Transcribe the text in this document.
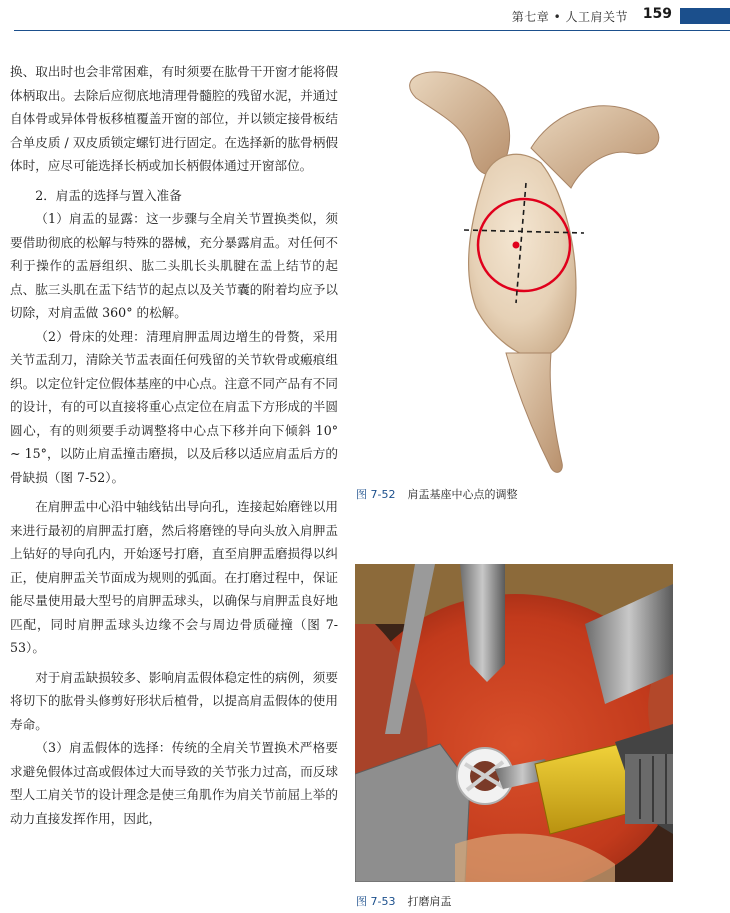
第七章 • 人工肩关节 159

换、取出时也会非常困难，有时须要在肱骨干开窗才能将假体柄取出。去除后应彻底地清理骨髓腔的残留水泥，并通过自体骨或异体骨板移植覆盖开窗的部位，并以锁定接骨板结合单皮质 / 双皮质锁定螺钉进行固定。在选择新的肱骨柄假体时，应尽可能选择长柄或加长柄假体通过开窗部位。

2．肩盂的选择与置入准备

（1）肩盂的显露：这一步骤与全肩关节置换类似，须要借助彻底的松解与特殊的器械，充分暴露肩盂。对任何不利于操作的盂唇组织、肱二头肌长头肌腱在盂上结节的起点、肱三头肌在盂下结节的起点以及关节囊的附着均应予以切除，对肩盂做 360° 的松解。

（2）骨床的处理：清理肩胛盂周边增生的骨赘，采用关节盂刮刀，清除关节盂表面任何残留的关节软骨或瘢痕组织。以定位针定位假体基座的中心点。注意不同产品有不同的设计，有的可以直接将重心点定位在肩盂下方形成的半圆圆心，有的则须要手动调整将中心点下移并向下倾斜 10° ~ 15°，以防止肩盂撞击磨损，以及后移以适应肩盂后方的骨缺损（图 7-52）。

在肩胛盂中心沿中轴线钻出导向孔，连接起始磨锉以用来进行最初的肩胛盂打磨，然后将磨锉的导向头放入肩胛盂上钻好的导向孔内，开始逐号打磨，直至肩胛盂磨损得以纠正，使肩胛盂关节面成为规则的弧面。在打磨过程中，保证能尽量使用最大型号的肩胛盂球头，以确保与肩胛盂良好地匹配，同时肩胛盂球头边缘不会与周边骨质碰撞（图 7-53）。

对于肩盂缺损较多、影响肩盂假体稳定性的病例，须要将切下的肱骨头修剪好形状后植骨，以提高肩盂假体的使用寿命。

（3）肩盂假体的选择：传统的全肩关节置换术严格要求避免假体过高或假体过大而导致的关节张力过高，而反球型人工肩关节的设计理念是使三角肌作为肩关节前屈上举的动力直接发挥作用，因此，

图 7-52 肩盂基座中心点的调整
图 7-53 打磨肩盂
